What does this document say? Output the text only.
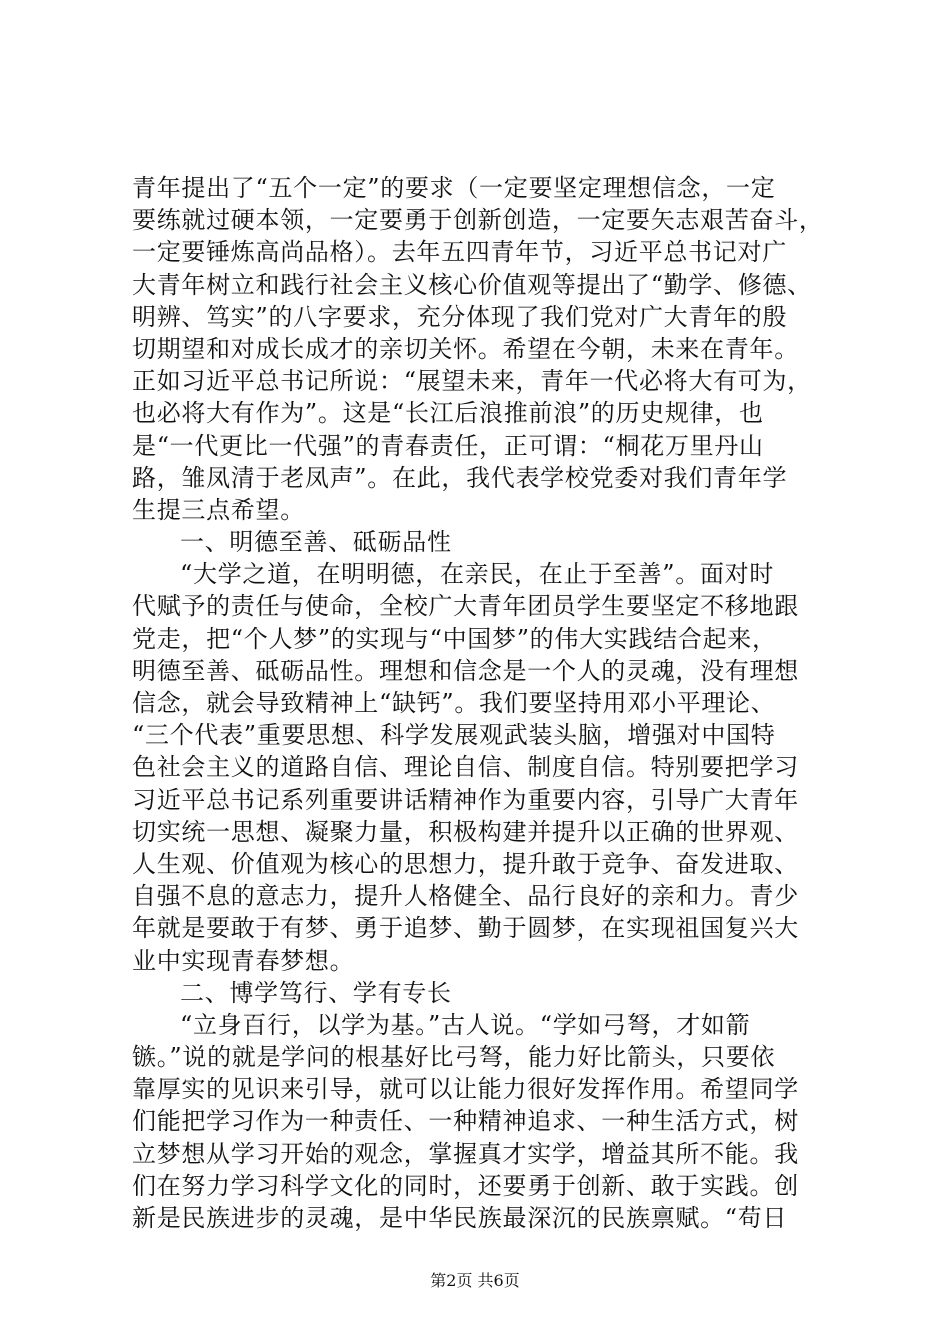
青年提出了“五个一定”的要求（一定要坚定理想信念，一定
要练就过硬本领，一定要勇于创新创造，一定要矢志艰苦奋斗，
一定要锤炼高尚品格）。去年五四青年节，习近平总书记对广
大青年树立和践行社会主义核心价值观等提出了“勤学、修德、
明辨、笃实”的八字要求，充分体现了我们党对广大青年的殷
切期望和对成长成才的亲切关怀。希望在今朝，未来在青年。
正如习近平总书记所说：“展望未来，青年一代必将大有可为，
也必将大有作为”。这是“长江后浪推前浪”的历史规律，也
是“一代更比一代强”的青春责任，正可谓：“桐花万里丹山
路，雏凤清于老凤声”。在此，我代表学校党委对我们青年学
生提三点希望。
一、明德至善、砥砺品性
“大学之道，在明明德，在亲民，在止于至善”。面对时
代赋予的责任与使命，全校广大青年团员学生要坚定不移地跟
党走，把“个人梦”的实现与“中国梦”的伟大实践结合起来，
明德至善、砥砺品性。理想和信念是一个人的灵魂，没有理想
信念，就会导致精神上“缺钙”。我们要坚持用邓小平理论、
“三个代表”重要思想、科学发展观武装头脑，增强对中国特
色社会主义的道路自信、理论自信、制度自信。特别要把学习
习近平总书记系列重要讲话精神作为重要内容，引导广大青年
切实统一思想、凝聚力量，积极构建并提升以正确的世界观、
人生观、价值观为核心的思想力，提升敢于竞争、奋发进取、
自强不息的意志力，提升人格健全、品行良好的亲和力。青少
年就是要敢于有梦、勇于追梦、勤于圆梦，在实现祖国复兴大
业中实现青春梦想。
二、博学笃行、学有专长
“立身百行，以学为基。”古人说。“学如弓弩，才如箭
镞。”说的就是学问的根基好比弓弩，能力好比箭头，只要依
靠厚实的见识来引导，就可以让能力很好发挥作用。希望同学
们能把学习作为一种责任、一种精神追求、一种生活方式，树
立梦想从学习开始的观念，掌握真才实学，增益其所不能。我
们在努力学习科学文化的同时，还要勇于创新、敢于实践。创
新是民族进步的灵魂，是中华民族最深沉的民族禀赋。“苟日
第2页 共6页
